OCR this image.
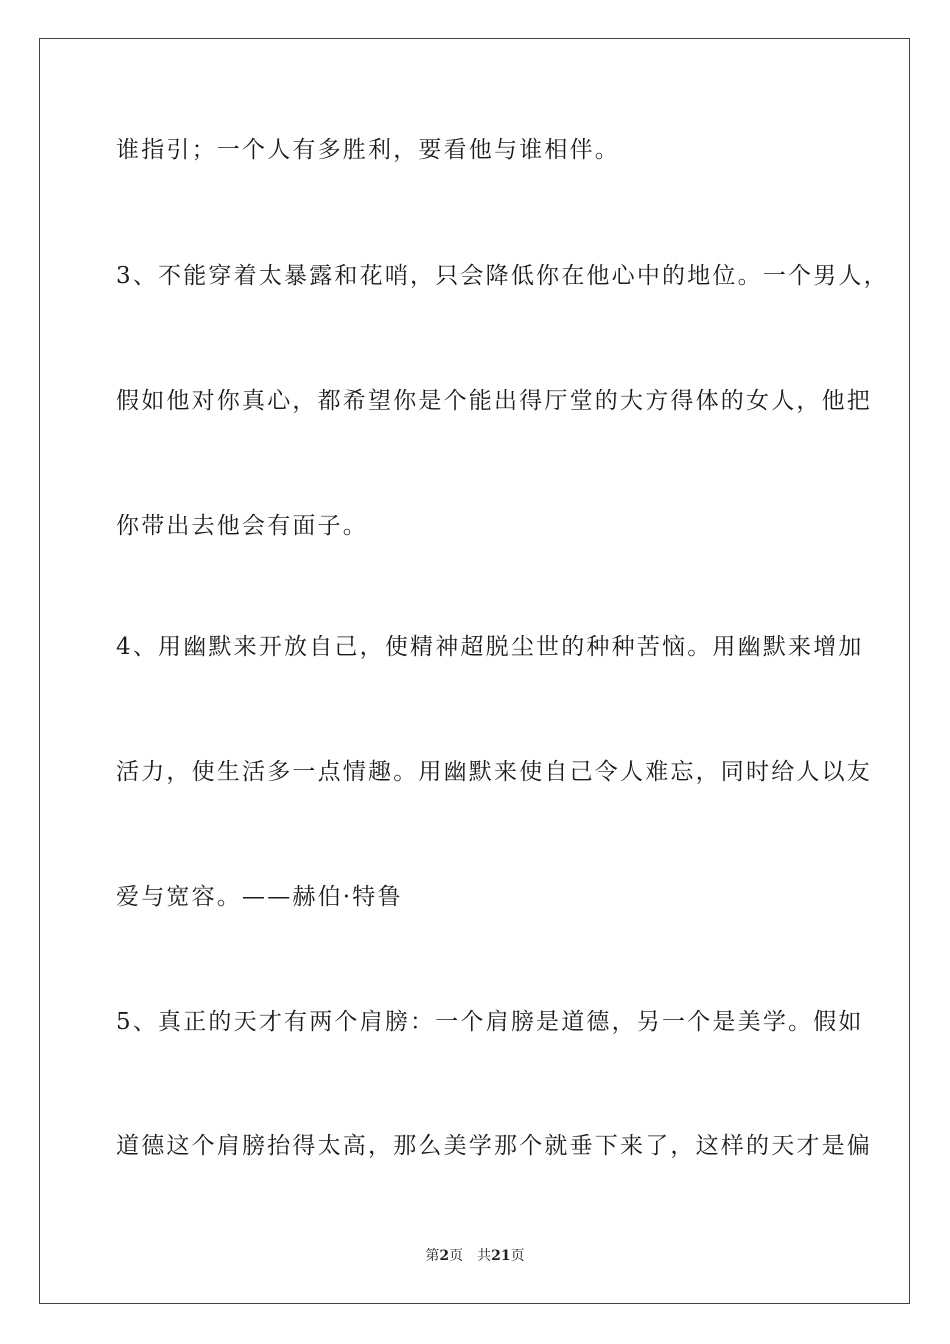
谁指引；一个人有多胜利，要看他与谁相伴。

3、不能穿着太暴露和花哨，只会降低你在他心中的地位。一个男人，

假如他对你真心，都希望你是个能出得厅堂的大方得体的女人，他把

你带出去他会有面子。

4、用幽默来开放自己，使精神超脱尘世的种种苦恼。用幽默来增加

活力，使生活多一点情趣。用幽默来使自己令人难忘，同时给人以友

爱与宽容。——赫伯·特鲁

5、真正的天才有两个肩膀：一个肩膀是道德，另一个是美学。假如

道德这个肩膀抬得太高，那么美学那个就垂下来了，这样的天才是偏

第2页 共21页
